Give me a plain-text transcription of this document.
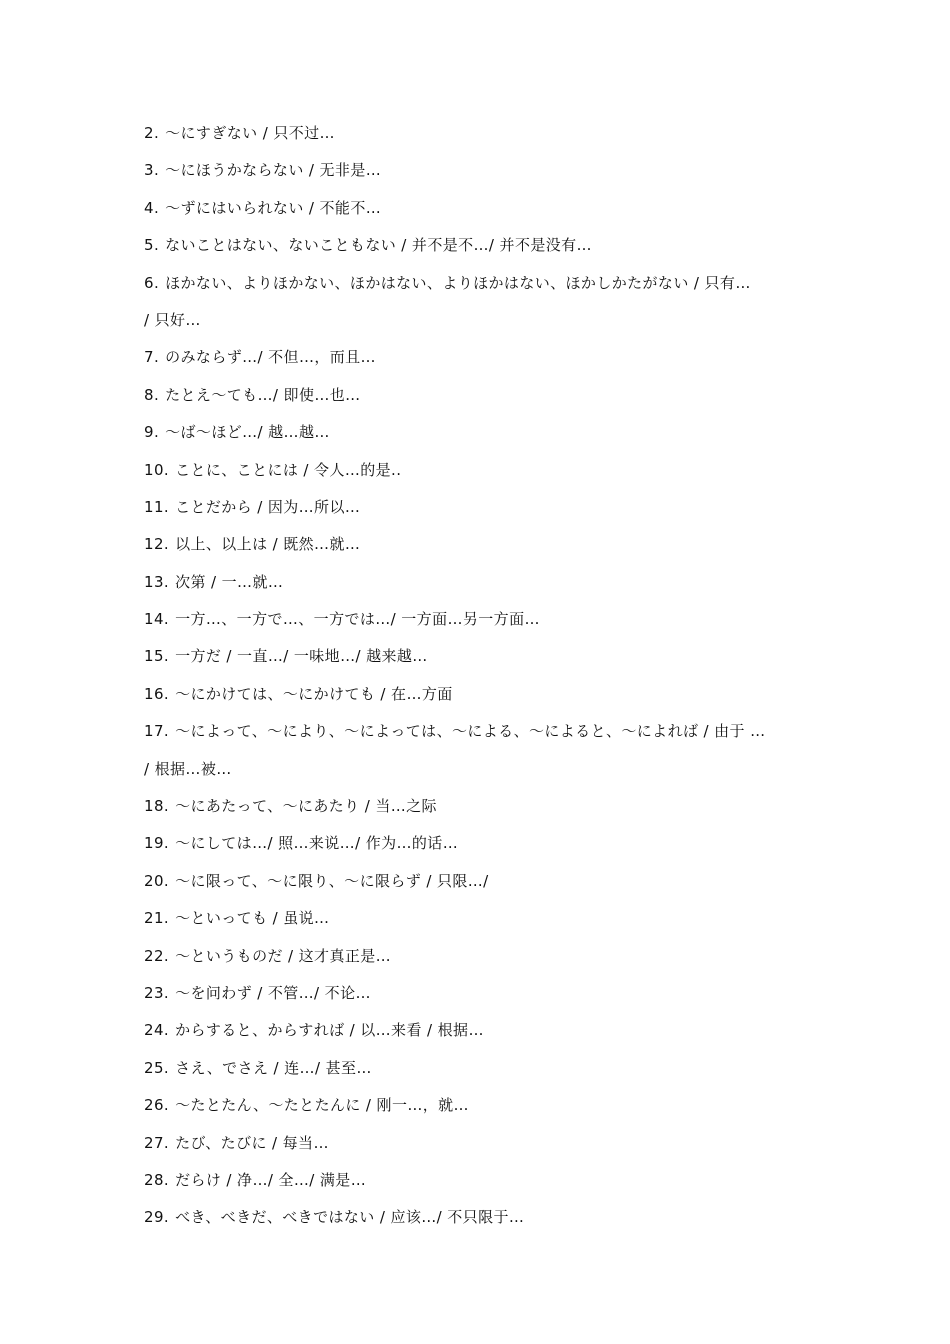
2. ～にすぎない / 只不过…
3. ～にほうかならない / 无非是…
4. ～ずにはいられない / 不能不…
5. ないことはない、ないこともない / 并不是不…/ 并不是没有…
6. ほかない、よりほかない、ほかはない、よりほかはない、ほかしかたがない / 只有…
/ 只好…
7. のみならず…/ 不但…，而且…
8. たとえ～ても…/ 即使…也…
9. ～ば～ほど…/ 越…越…
10. ことに、ことには / 令人…的是..
11. ことだから / 因为…所以…
12. 以上、以上は / 既然…就…
13. 次第 / 一…就…
14. 一方…、一方で…、一方では…/ 一方面…另一方面…
15. 一方だ / 一直…/ 一味地…/ 越来越…
16. ～にかけては、～にかけても / 在…方面
17. ～によって、～により、～によっては、～による、～によると、～によれば / 由于 …
/ 根据…被…
18. ～にあたって、～にあたり / 当…之际
19. ～にしては…/ 照…来说…/ 作为…的话…
20. ～に限って、～に限り、～に限らず / 只限…/
21. ～といっても / 虽说…
22. ～というものだ / 这才真正是…
23. ～を问わず / 不管…/ 不论…
24. からすると、からすれば / 以…来看 / 根据…
25. さえ、でさえ / 连…/ 甚至…
26. ～たとたん、～たとたんに / 刚一…，就…
27. たび、たびに / 每当…
28. だらけ / 净…/ 全…/ 满是…
29. べき、べきだ、べきではない / 应该…/ 不只限于…
